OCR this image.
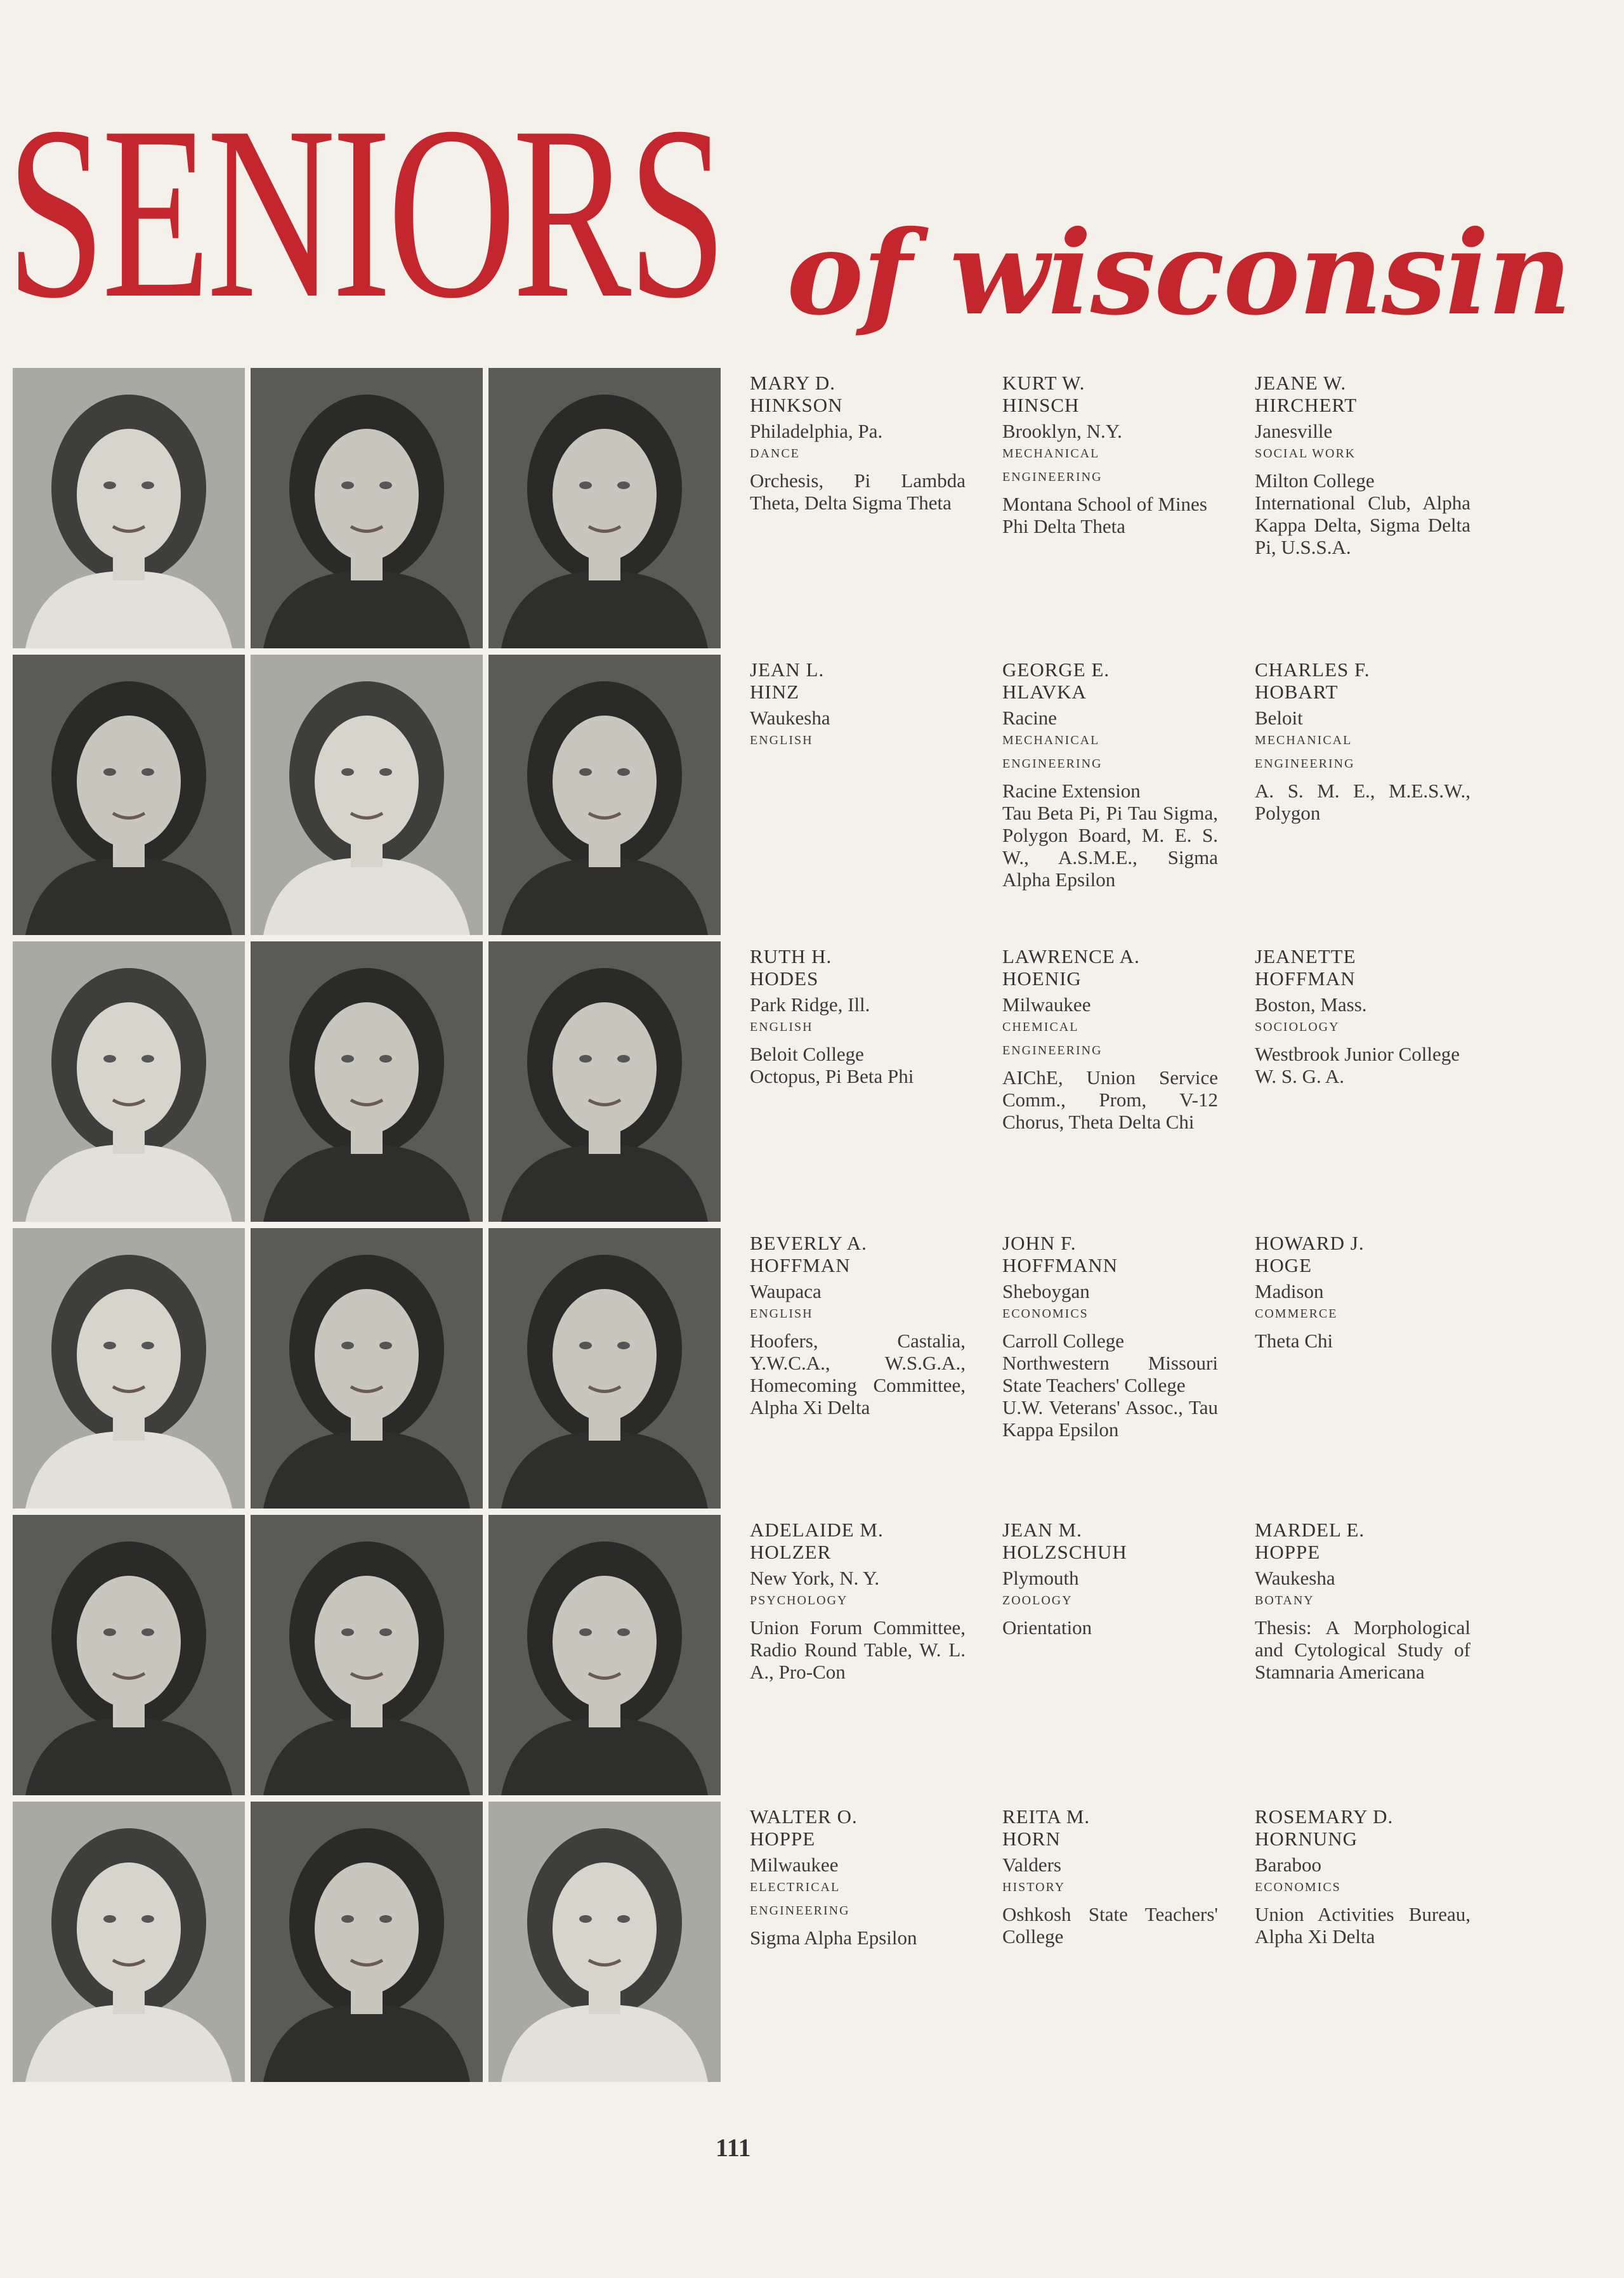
SENIORS of wisconsin
MARY D.
HINKSON
Philadelphia, Pa.
DANCE
Orchesis, Pi Lambda Theta, Delta Sigma Theta
KURT W.
HINSCH
Brooklyn, N.Y.
MECHANICAL
ENGINEERING
Montana School of Mines
Phi Delta Theta
JEANE W.
HIRCHERT
Janesville
SOCIAL WORK
Milton College
International Club, Alpha Kappa Delta, Sigma Delta Pi, U.S.S.A.
JEAN L.
HINZ
Waukesha
ENGLISH
GEORGE E.
HLAVKA
Racine
MECHANICAL
ENGINEERING
Racine Extension
Tau Beta Pi, Pi Tau Sigma, Polygon Board, M. E. S. W., A.S.M.E., Sigma Alpha Epsilon
CHARLES F.
HOBART
Beloit
MECHANICAL
ENGINEERING
A. S. M. E., M.E.S.W., Polygon
RUTH H.
HODES
Park Ridge, Ill.
ENGLISH
Beloit College
Octopus, Pi Beta Phi
LAWRENCE A.
HOENIG
Milwaukee
CHEMICAL
ENGINEERING
AIChE, Union Service Comm., Prom, V-12 Chorus, Theta Delta Chi
JEANETTE
HOFFMAN
Boston, Mass.
SOCIOLOGY
Westbrook Junior College
W. S. G. A.
BEVERLY A.
HOFFMAN
Waupaca
ENGLISH
Hoofers, Castalia, Y.W.C.A., W.S.G.A., Homecoming Committee, Alpha Xi Delta
JOHN F.
HOFFMANN
Sheboygan
ECONOMICS
Carroll College
Northwestern Missouri State Teachers' College
U.W. Veterans' Assoc., Tau Kappa Epsilon
HOWARD J.
HOGE
Madison
COMMERCE
Theta Chi
ADELAIDE M.
HOLZER
New York, N. Y.
PSYCHOLOGY
Union Forum Committee, Radio Round Table, W. L. A., Pro-Con
JEAN M.
HOLZSCHUH
Plymouth
ZOOLOGY
Orientation
MARDEL E.
HOPPE
Waukesha
BOTANY
Thesis: A Morphological and Cytological Study of Stamnaria Americana
WALTER O.
HOPPE
Milwaukee
ELECTRICAL
ENGINEERING
Sigma Alpha Epsilon
REITA M.
HORN
Valders
HISTORY
Oshkosh State Teachers' College
ROSEMARY D.
HORNUNG
Baraboo
ECONOMICS
Union Activities Bureau, Alpha Xi Delta
111
